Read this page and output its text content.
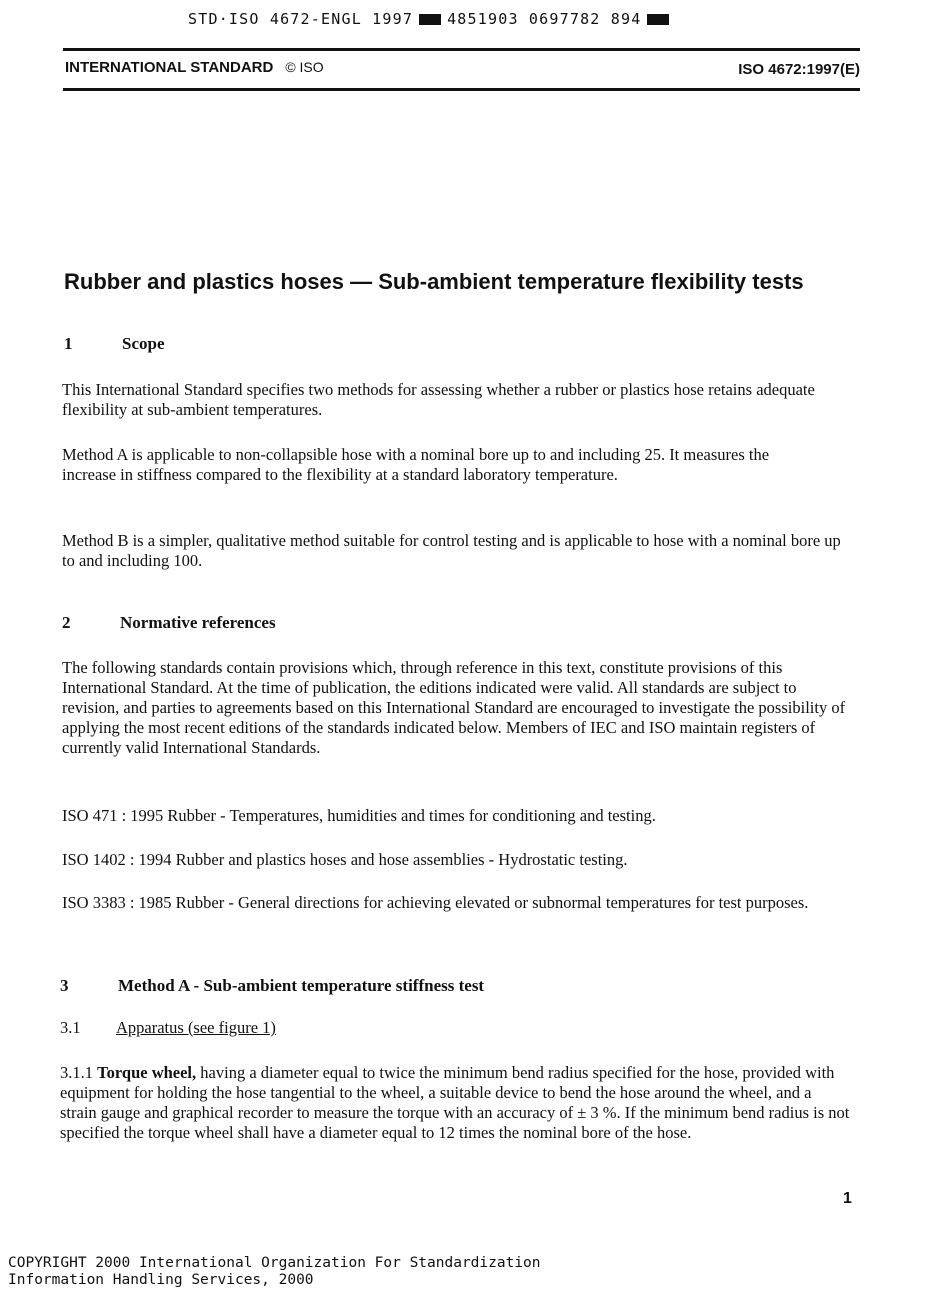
STD·ISO 4672-ENGL 1997 4851903 0697782 894
INTERNATIONAL STANDARD © ISO	ISO 4672:1997(E)
Rubber and plastics hoses — Sub-ambient temperature flexibility tests
1	Scope
This International Standard specifies two methods for assessing whether a rubber or plastics hose retains adequate flexibility at sub-ambient temperatures.
Method A is applicable to non-collapsible hose with a nominal bore up to and including 25. It measures the increase in stiffness compared to the flexibility at a standard laboratory temperature.
Method B is a simpler, qualitative method suitable for control testing and is applicable to hose with a nominal bore up to and including 100.
2	Normative references
The following standards contain provisions which, through reference in this text, constitute provisions of this International Standard. At the time of publication, the editions indicated were valid. All standards are subject to revision, and parties to agreements based on this International Standard are encouraged to investigate the possibility of applying the most recent editions of the standards indicated below. Members of IEC and ISO maintain registers of currently valid International Standards.
ISO 471 : 1995 Rubber - Temperatures, humidities and times for conditioning and testing.
ISO 1402 : 1994 Rubber and plastics hoses and hose assemblies - Hydrostatic testing.
ISO 3383 : 1985 Rubber - General directions for achieving elevated or subnormal temperatures for test purposes.
3	Method A - Sub-ambient temperature stiffness test
3.1 Apparatus (see figure 1)
3.1.1 Torque wheel, having a diameter equal to twice the minimum bend radius specified for the hose, provided with equipment for holding the hose tangential to the wheel, a suitable device to bend the hose around the wheel, and a strain gauge and graphical recorder to measure the torque with an accuracy of ± 3 %. If the minimum bend radius is not specified the torque wheel shall have a diameter equal to 12 times the nominal bore of the hose.
1
COPYRIGHT 2000 International Organization For Standardization
Information Handling Services, 2000
